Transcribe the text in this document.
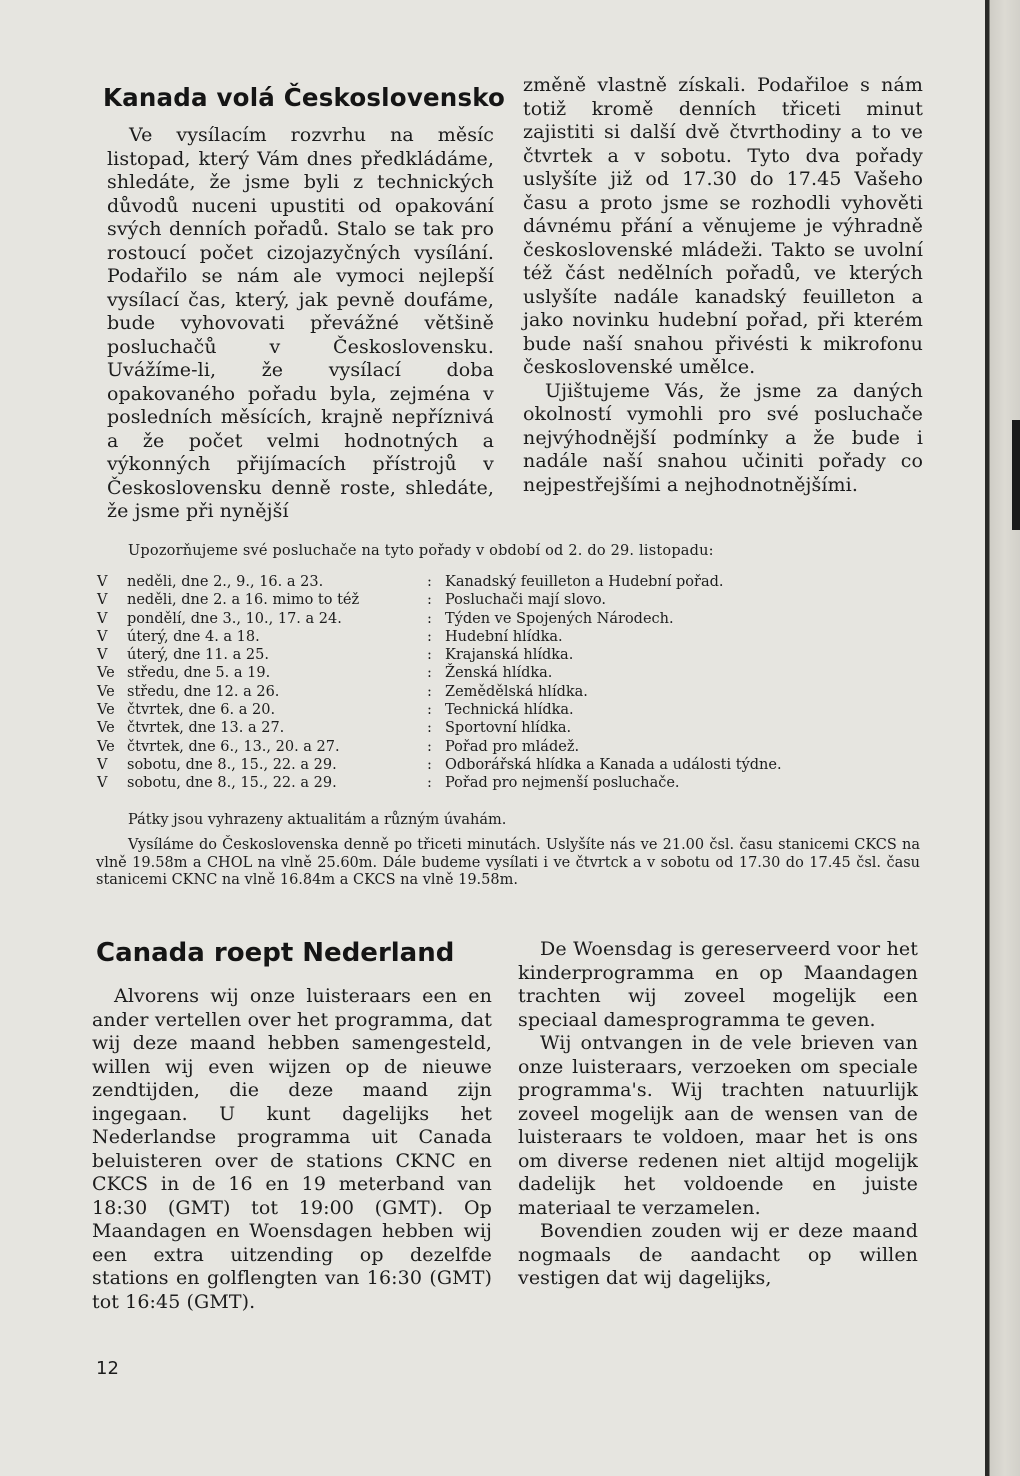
Kanada volá Československo

Ve vysílacím rozvrhu na měsíc listopad, který Vám dnes předkládáme, shledáte, že jsme byli z technických důvodů nuceni upustiti od opakování svých denních pořadů. Stalo se tak pro rostoucí počet cizojazyčných vysílání. Podařilo se nám ale vymoci nejlepší vysílací čas, který, jak pevně doufáme, bude vyhovovati převážné většině posluchačů v Československu. Uvážíme-li, že vysílací doba opakovaného pořadu byla, zejména v posledních měsících, krajně nepříznivá a že počet velmi hodnotných a výkonných přijímacích přístrojů v Československu denně roste, shledáte, že jsme při nynější

změně vlastně získali. Podařiloe s nám totiž kromě denních třiceti minut zajistiti si další dvě čtvrthodiny a to ve čtvrtek a v sobotu. Tyto dva pořady uslyšíte již od 17.30 do 17.45 Vašeho času a proto jsme se rozhodli vyhověti dávnému přání a věnujeme je výhradně československé mládeži. Takto se uvolní též část nedělních pořadů, ve kterých uslyšíte nadále kanadský feuilleton a jako novinku hudební pořad, při kterém bude naší snahou přivésti k mikrofonu československé umělce.

Ujištujeme Vás, že jsme za daných okolností vymohli pro své posluchače nejvýhodnější podmínky a že bude i nadále naší snahou učiniti pořady co nejpestřejšími a nejhodnotnějšími.

Upozorňujeme své posluchače na tyto pořady v období od 2. do 29. listopadu:
V	neděli, dne 2., 9., 16. a 23.	: Kanadský feuilleton a Hudební pořad.
V	neděli, dne 2. a 16. mimo to též	: Posluchači mají slovo.
V	pondělí, dne 3., 10., 17. a 24.	: Týden ve Spojených Národech.
V	úterý, dne 4. a 18.	: Hudební hlídka.
V	úterý, dne 11. a 25.	: Krajanská hlídka.
Ve středu, dne 5. a 19.	: Ženská hlídka.
Ve středu, dne 12. a 26.	: Zemědělská hlídka.
Ve čtvrtek, dne 6. a 20.	: Technická hlídka.
Ve čtvrtek, dne 13. a 27.	: Sportovní hlídka.
Ve čtvrtek, dne 6., 13., 20. a 27.	: Pořad pro mládež.
V	sobotu, dne 8., 15., 22. a 29.	: Odborářská hlídka a Kanada a události týdne.
V	sobotu, dne 8., 15., 22. a 29.	: Pořad pro nejmenší posluchače.
Pátky jsou vyhrazeny aktualitám a různým úvahám.
Vysíláme do Československa denně po třiceti minutách. Uslyšíte nás ve 21.00 čsl. času stanicemi CKCS na vlně 19.58m a CHOL na vlně 25.60m. Dále budeme vysílati i ve čtvrtck a v sobotu od 17.30 do 17.45 čsl. času stanicemi CKNC na vlně 16.84m a CKCS na vlně 19.58m.
Canada roept Nederland

Alvorens wij onze luisteraars een en ander vertellen over het programma, dat wij deze maand hebben samengesteld, willen wij even wijzen op de nieuwe zendtijden, die deze maand zijn ingegaan. U kunt dagelijks het Nederlandse programma uit Canada beluisteren over de stations CKNC en CKCS in de 16 en 19 meterband van 18:30 (GMT) tot 19:00 (GMT). Op Maandagen en Woensdagen hebben wij een extra uitzending op dezelfde stations en golflengten van 16:30 (GMT) tot 16:45 (GMT).

De Woensdag is gereserveerd voor het kinderprogramma en op Maandagen trachten wij zoveel mogelijk een speciaal damesprogramma te geven.

Wij ontvangen in de vele brieven van onze luisteraars, verzoeken om speciale programma's. Wij trachten natuurlijk zoveel mogelijk aan de wensen van de luisteraars te voldoen, maar het is ons om diverse redenen niet altijd mogelijk dadelijk het voldoende en juiste materiaal te verzamelen.

Bovendien zouden wij er deze maand nogmaals de aandacht op willen vestigen dat wij dagelijks,

12
